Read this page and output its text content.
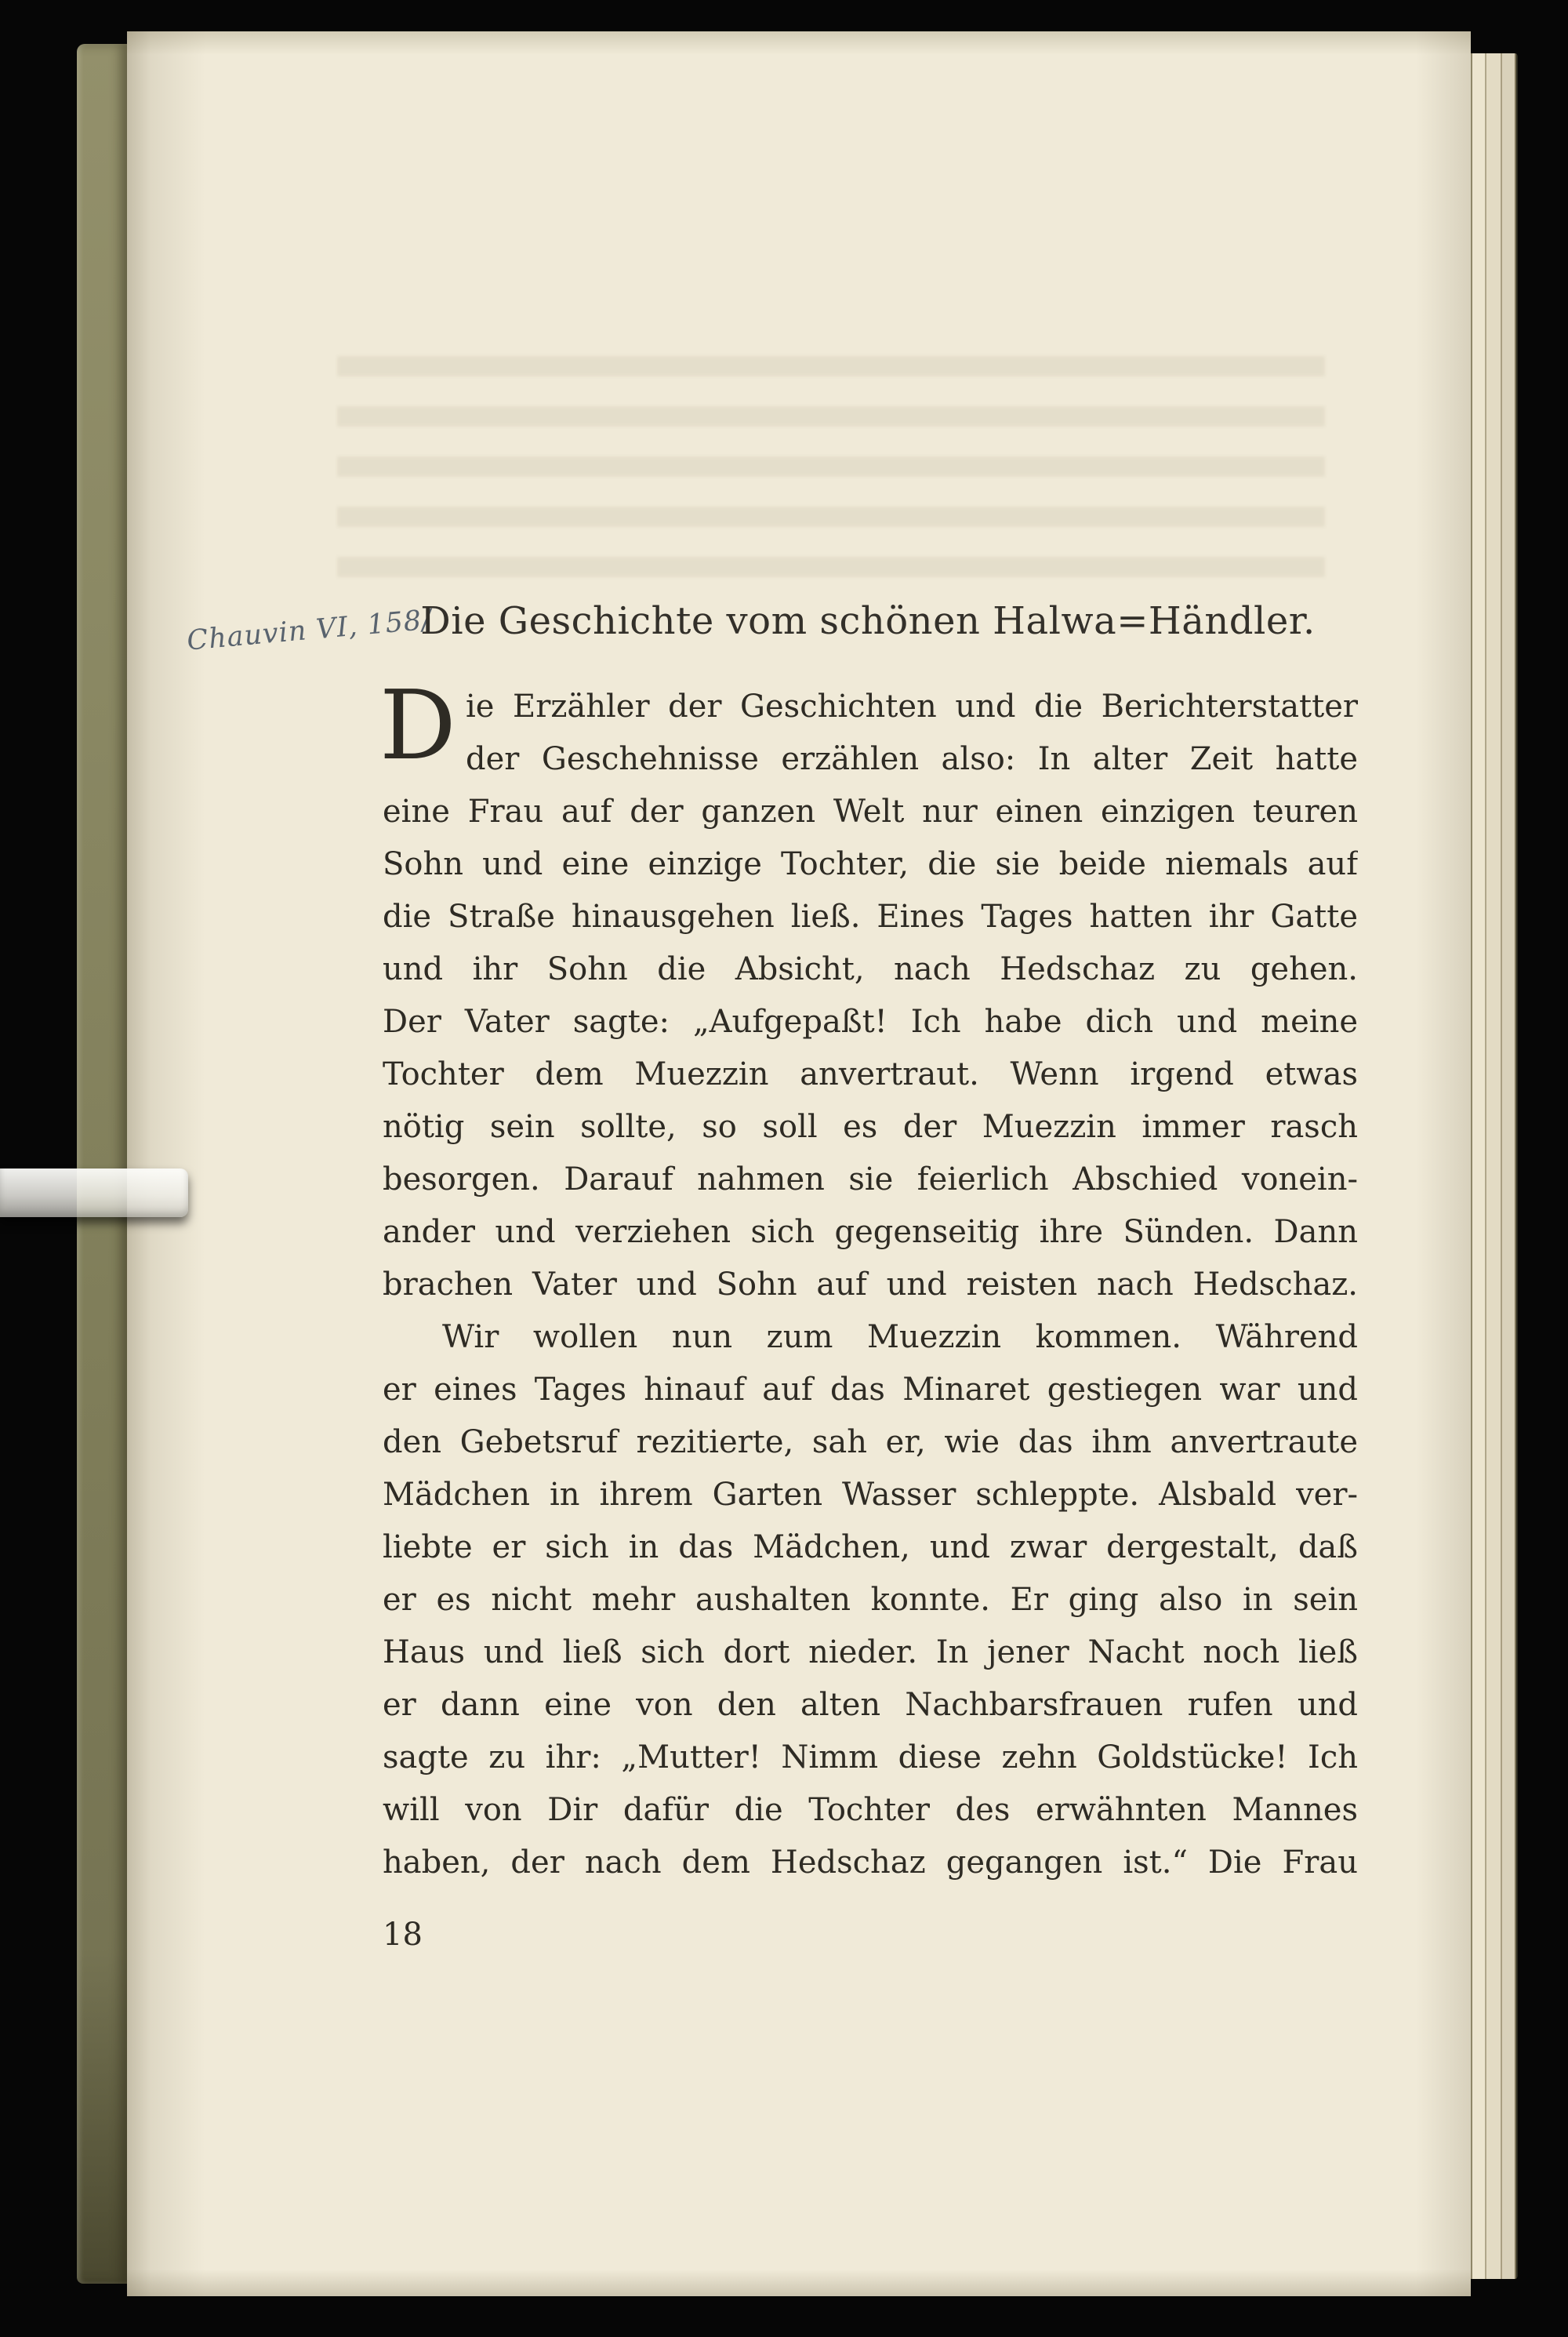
Chauvin VI, 158/
Die Geschichte vom schönen Halwa=Händler.
D ie Erzähler der Geschichten und die Berichterstatter
der Geschehnisse erzählen also: In alter Zeit hatte
eine Frau auf der ganzen Welt nur einen einzigen teuren
Sohn und eine einzige Tochter, die sie beide niemals auf
die Straße hinausgehen ließ. Eines Tages hatten ihr Gatte
und ihr Sohn die Absicht, nach Hedschaz zu gehen.
Der Vater sagte: „Aufgepaßt! Ich habe dich und meine
Tochter dem Muezzin anvertraut. Wenn irgend etwas
nötig sein sollte, so soll es der Muezzin immer rasch
besorgen. Darauf nahmen sie feierlich Abschied vonein-
ander und verziehen sich gegenseitig ihre Sünden. Dann
brachen Vater und Sohn auf und reisten nach Hedschaz.
Wir wollen nun zum Muezzin kommen. Während
er eines Tages hinauf auf das Minaret gestiegen war und
den Gebetsruf rezitierte, sah er, wie das ihm anvertraute
Mädchen in ihrem Garten Wasser schleppte. Alsbald ver-
liebte er sich in das Mädchen, und zwar dergestalt, daß
er es nicht mehr aushalten konnte. Er ging also in sein
Haus und ließ sich dort nieder. In jener Nacht noch ließ
er dann eine von den alten Nachbarsfrauen rufen und
sagte zu ihr: „Mutter! Nimm diese zehn Goldstücke! Ich
will von Dir dafür die Tochter des erwähnten Mannes
haben, der nach dem Hedschaz gegangen ist.“ Die Frau
18
